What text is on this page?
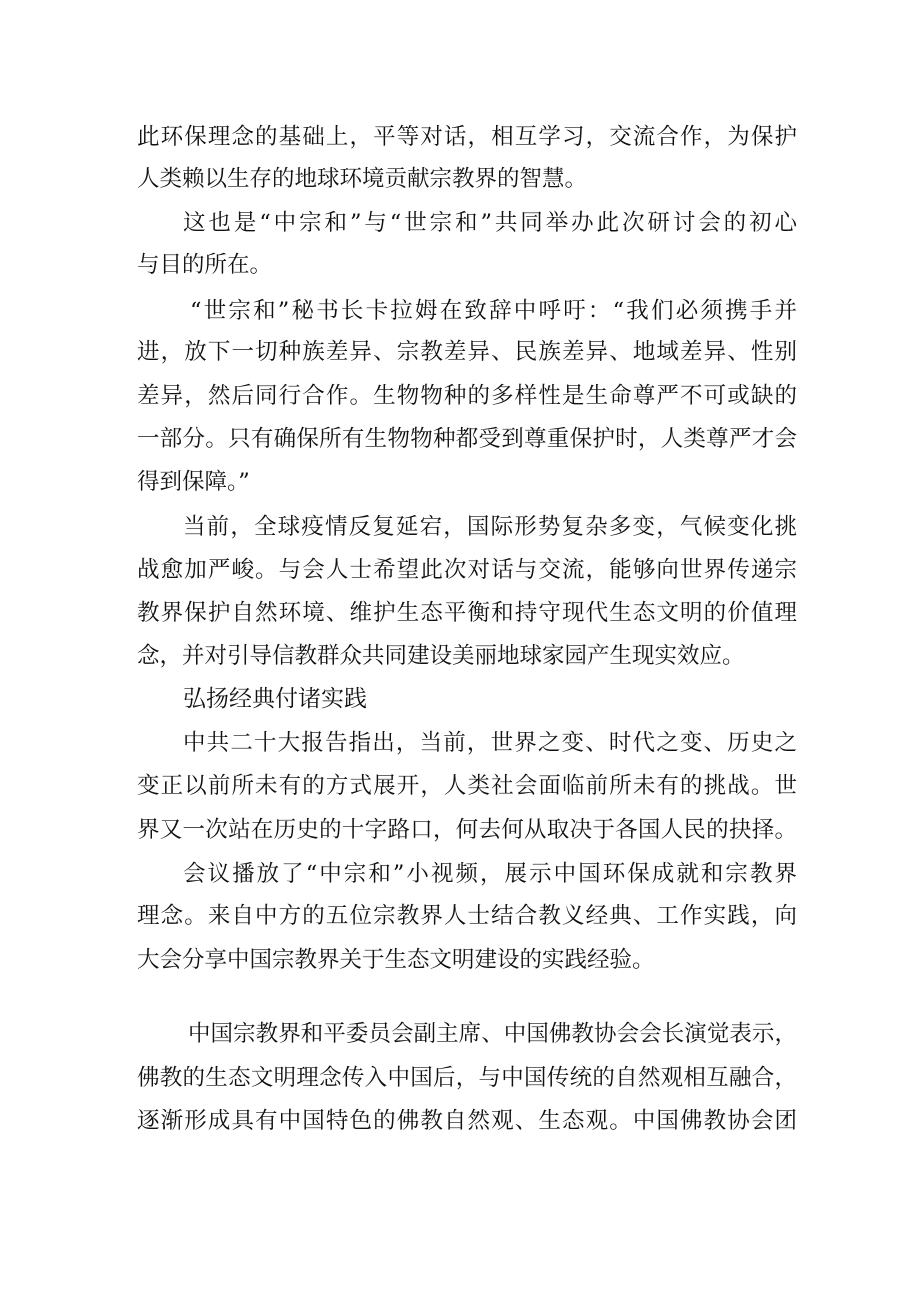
此环保理念的基础上，平等对话，相互学习，交流合作，为保护
人类赖以生存的地球环境贡献宗教界的智慧。
这也是“中宗和”与“世宗和”共同举办此次研讨会的初心
与目的所在。
“世宗和”秘书长卡拉姆在致辞中呼吁：“我们必须携手并
进，放下一切种族差异、宗教差异、民族差异、地域差异、性别
差异，然后同行合作。生物物种的多样性是生命尊严不可或缺的
一部分。只有确保所有生物物种都受到尊重保护时，人类尊严才会
得到保障。”
当前，全球疫情反复延宕，国际形势复杂多变，气候变化挑
战愈加严峻。与会人士希望此次对话与交流，能够向世界传递宗
教界保护自然环境、维护生态平衡和持守现代生态文明的价值理
念，并对引导信教群众共同建设美丽地球家园产生现实效应。
弘扬经典付诸实践
中共二十大报告指出，当前，世界之变、时代之变、历史之
变正以前所未有的方式展开，人类社会面临前所未有的挑战。世
界又一次站在历史的十字路口，何去何从取决于各国人民的抉择。
会议播放了“中宗和”小视频，展示中国环保成就和宗教界
理念。来自中方的五位宗教界人士结合教义经典、工作实践，向
大会分享中国宗教界关于生态文明建设的实践经验。
中国宗教界和平委员会副主席、中国佛教协会会长演觉表示，
佛教的生态文明理念传入中国后，与中国传统的自然观相互融合，
逐渐形成具有中国特色的佛教自然观、生态观。中国佛教协会团
